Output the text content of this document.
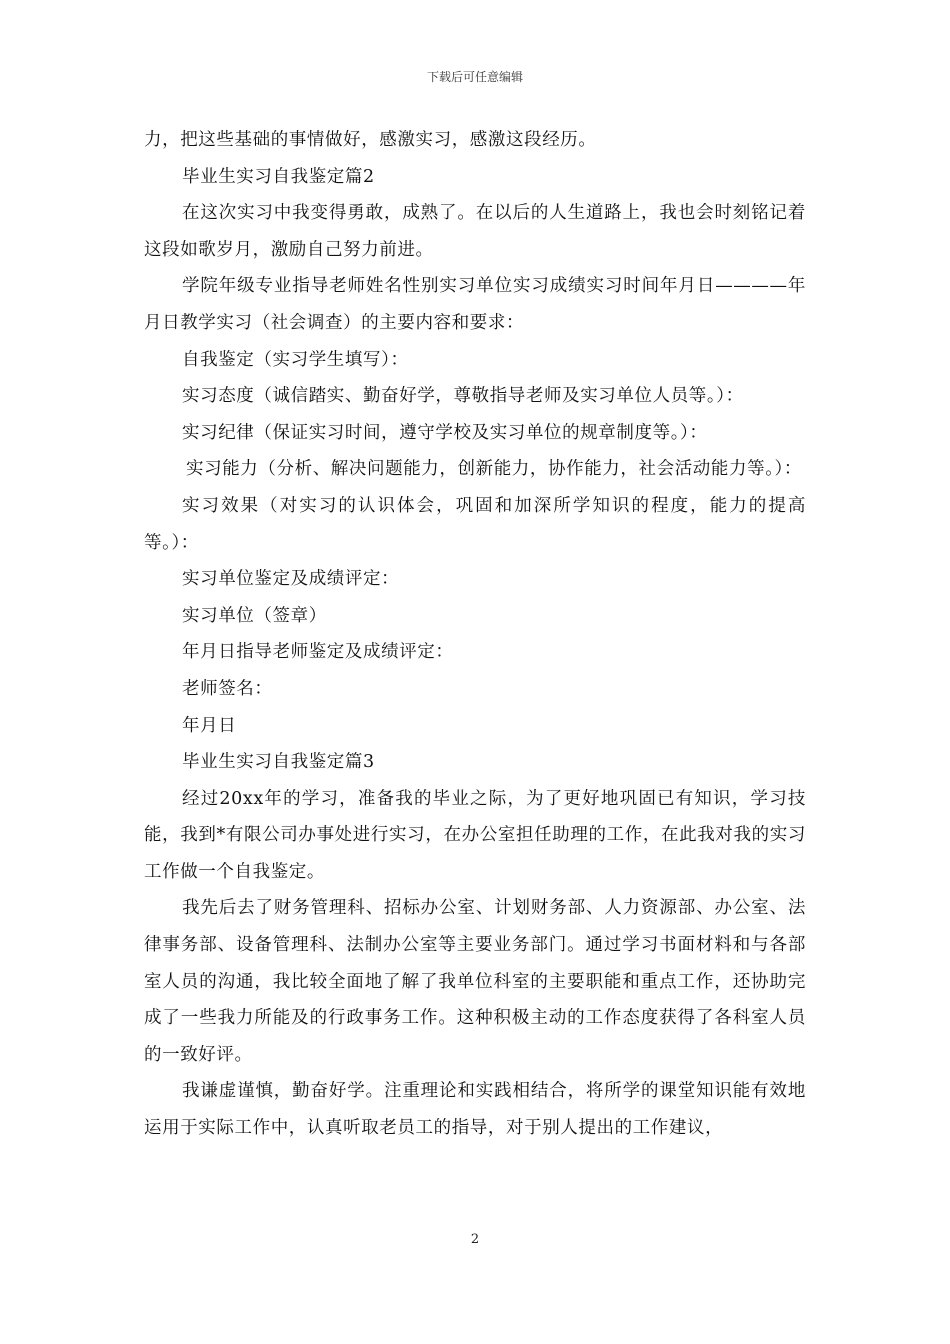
下载后可任意编辑

力，把这些基础的事情做好，感激实习，感激这段经历。

毕业生实习自我鉴定篇2

在这次实习中我变得勇敢，成熟了。在以后的人生道路上，我也会时刻铭记着这段如歌岁月，激励自己努力前进。

学院年级专业指导老师姓名性别实习单位实习成绩实习时间年月日————年月日教学实习（社会调查）的主要内容和要求：

自我鉴定（实习学生填写）：

实习态度（诚信踏实、勤奋好学，尊敬指导老师及实习单位人员等。）：

实习纪律（保证实习时间，遵守学校及实习单位的规章制度等。）：

实习能力（分析、解决问题能力，创新能力，协作能力，社会活动能力等。）：

实习效果（对实习的认识体会，巩固和加深所学知识的程度，能力的提高等。）：

实习单位鉴定及成绩评定：

实习单位（签章）

年月日指导老师鉴定及成绩评定：

老师签名：

年月日

毕业生实习自我鉴定篇3

经过20xx年的学习，准备我的毕业之际，为了更好地巩固已有知识，学习技能，我到*有限公司办事处进行实习，在办公室担任助理的工作，在此我对我的实习工作做一个自我鉴定。

我先后去了财务管理科、招标办公室、计划财务部、人力资源部、办公室、法律事务部、设备管理科、法制办公室等主要业务部门。通过学习书面材料和与各部室人员的沟通，我比较全面地了解了我单位科室的主要职能和重点工作，还协助完成了一些我力所能及的行政事务工作。这种积极主动的工作态度获得了各科室人员的一致好评。

我谦虚谨慎，勤奋好学。注重理论和实践相结合，将所学的课堂知识能有效地运用于实际工作中，认真听取老员工的指导，对于别人提出的工作建议，

2
